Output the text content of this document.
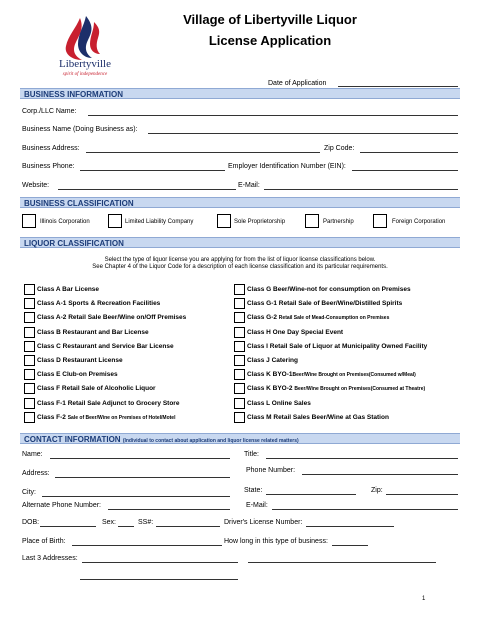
Libertyville
spirit of independence
Village of Libertyville Liquor
License Application
Date of Application
BUSINESS INFORMATION
Corp./LLC Name:
Business Name (Doing Business as):
Business Address:	Zip Code:
Business Phone:	Employer Identification Number (EIN):
Website:	E-Mail:
BUSINESS CLASSIFICATION
Illinois Corporation	Limited Liability Company	Sole Proprietorship	Partnership	Foreign Corporation
LIQUOR CLASSIFICATION
Select the type of liquor license you are applying for from the list of liquor license classifications below.
See Chapter 4 of the Liquor Code for a description of each license classification and its particular requirements.
Class A Bar License
Class A-1 Sports & Recreation Facilities
Class A-2 Retail Sale Beer/Wine on/Off Premises
Class B Restaurant and Bar License
Class C Restaurant and Service Bar License
Class D Restaurant License
Class E Club-on Premises
Class F Retail Sale of Alcoholic Liquor
Class F-1 Retail Sale Adjunct to Grocery Store
Class F-2 Sale of Beer/Wine on Premises of Hotel/Motel
Class G Beer/Wine-not for consumption on Premises
Class G-1 Retail Sale of Beer/Wine/Distilled Spirits
Class G-2 Retail Sale of Mead-Consumption on Premises
Class H One Day Special Event
Class I Retail Sale of Liquor at Municipality Owned Facility
Class J Catering
Class K BYO-1Beer/Wine Brought on Premises(Consumed w/Meal)
Class K BYO-2 Beer/Wine Brought on Premises(Consumed at Theatre)
Class L Online Sales
Class M Retail Sales Beer/Wine at Gas Station
CONTACT INFORMATION (Individual to contact about application and liquor license related matters)
Name:	Title:
Address:	Phone Number:
City:	State:	Zip:
Alternate Phone Number:	E-Mail:
DOB:	Sex:	SS#:	Driver's License Number:
Place of Birth:	How long in this type of business:
Last 3 Addresses:
1
